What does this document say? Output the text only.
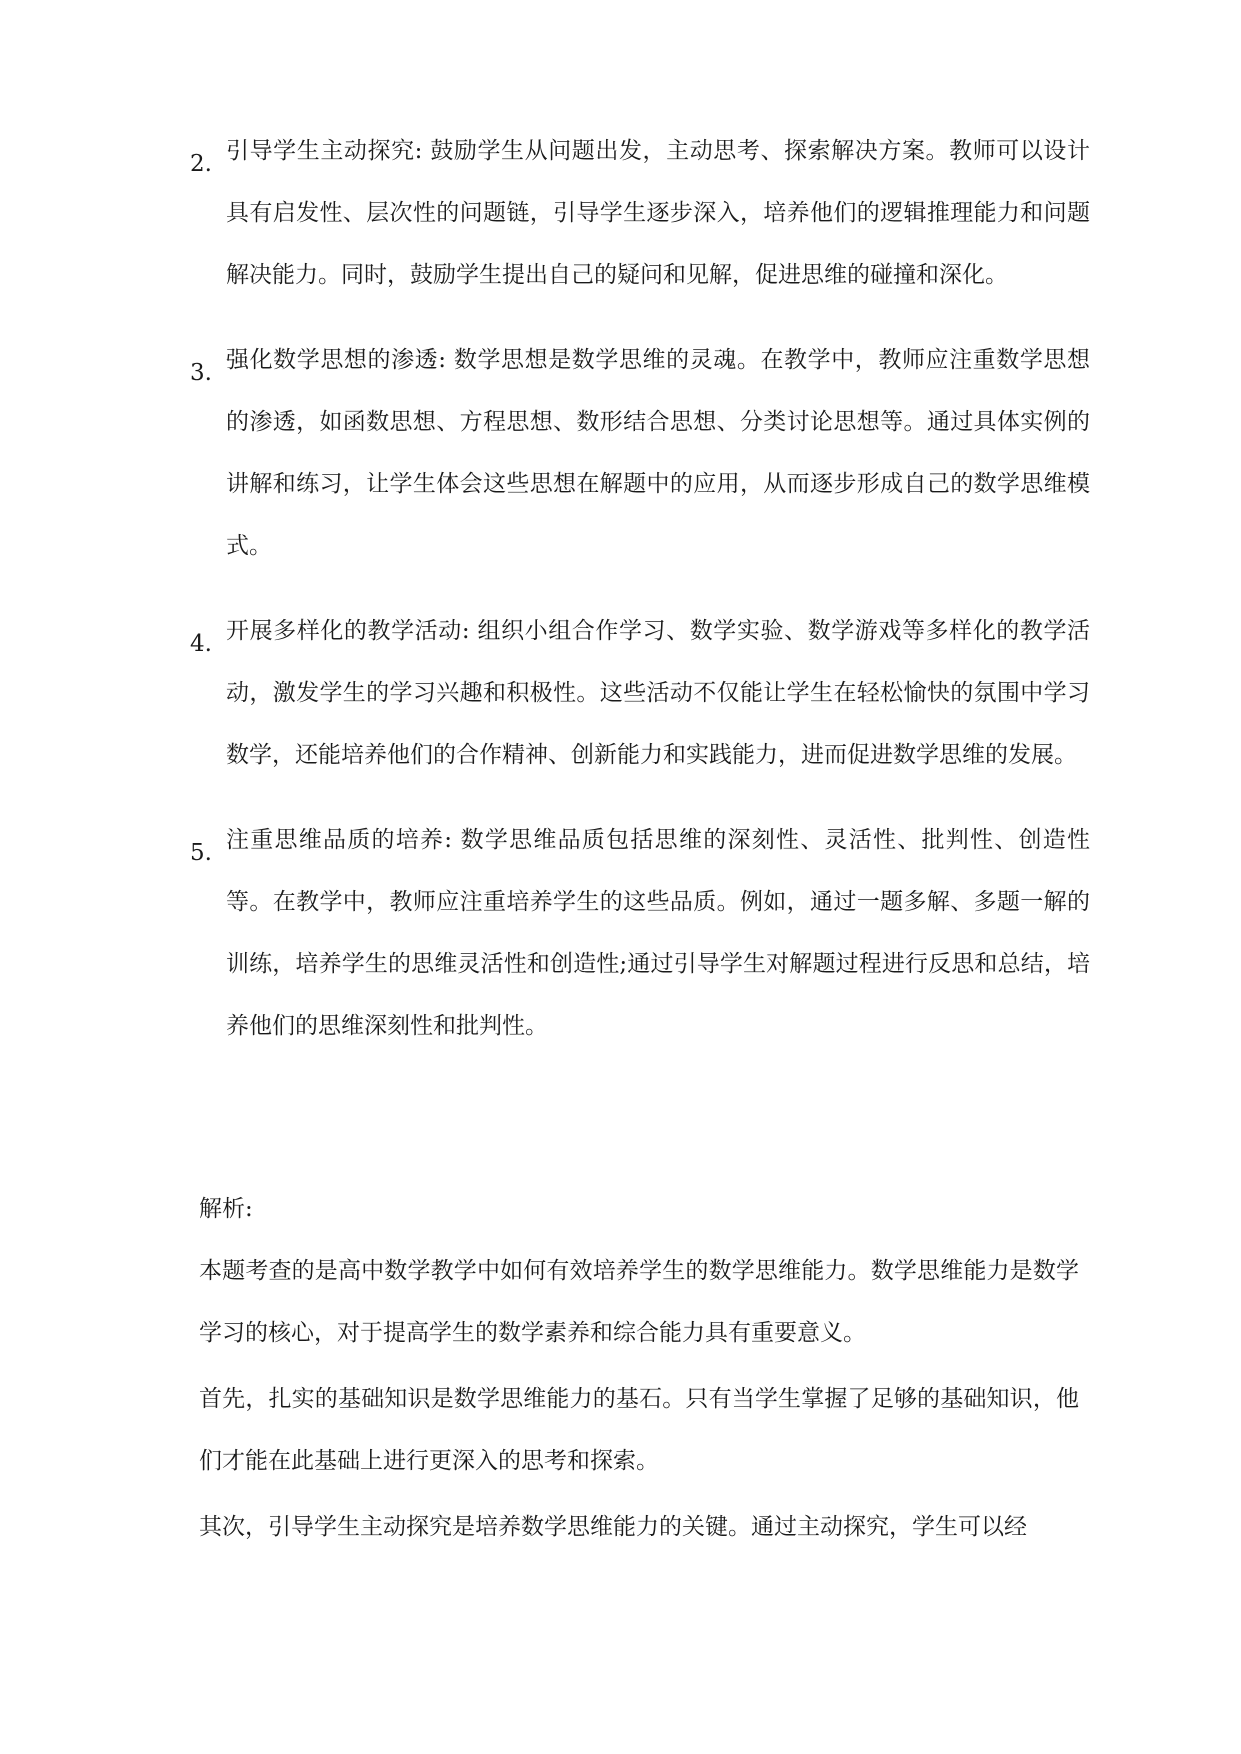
2. 引导学生主动探究: 鼓励学生从问题出发，主动思考、探索解决方案。教师可以设计具有启发性、层次性的问题链，引导学生逐步深入，培养他们的逻辑推理能力和问题解决能力。同时，鼓励学生提出自己的疑问和见解，促进思维的碰撞和深化。

3. 强化数学思想的渗透: 数学思想是数学思维的灵魂。在教学中，教师应注重数学思想的渗透，如函数思想、方程思想、数形结合思想、分类讨论思想等。通过具体实例的讲解和练习，让学生体会这些思想在解题中的应用，从而逐步形成自己的数学思维模式。

4. 开展多样化的教学活动: 组织小组合作学习、数学实验、数学游戏等多样化的教学活动，激发学生的学习兴趣和积极性。这些活动不仅能让学生在轻松愉快的氛围中学习数学，还能培养他们的合作精神、创新能力和实践能力，进而促进数学思维的发展。

5. 注重思维品质的培养: 数学思维品质包括思维的深刻性、灵活性、批判性、创造性等。在教学中，教师应注重培养学生的这些品质。例如，通过一题多解、多题一解的训练，培养学生的思维灵活性和创造性;通过引导学生对解题过程进行反思和总结，培养他们的思维深刻性和批判性。

解析:

本题考查的是高中数学教学中如何有效培养学生的数学思维能力。数学思维能力是数学学习的核心，对于提高学生的数学素养和综合能力具有重要意义。

首先，扎实的基础知识是数学思维能力的基石。只有当学生掌握了足够的基础知识，他们才能在此基础上进行更深入的思考和探索。

其次，引导学生主动探究是培养数学思维能力的关键。通过主动探究，学生可以经
